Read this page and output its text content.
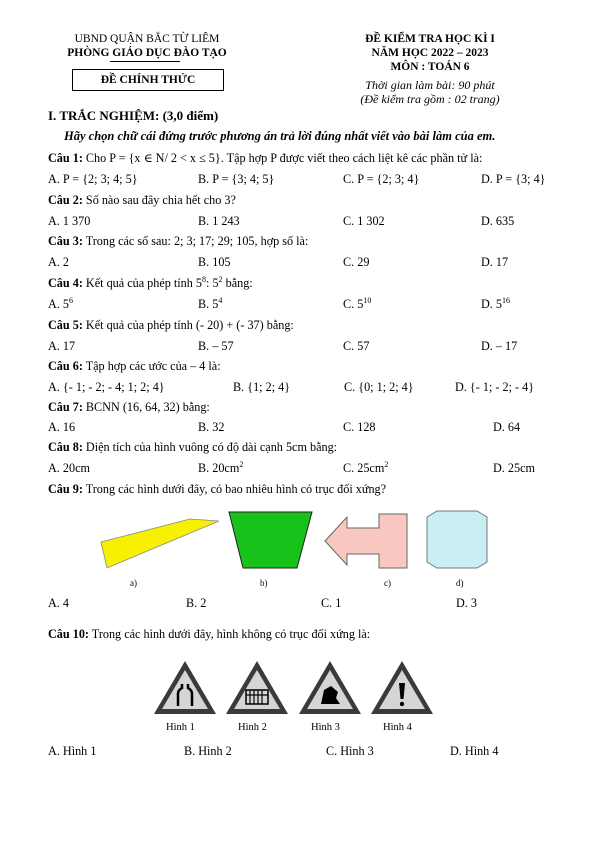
UBND QUẬN BẮC TỪ LIÊM
PHÒNG GIÁO DỤC ĐÀO TẠO
ĐỀ CHÍNH THỨC
ĐỀ KIỂM TRA HỌC KÌ I
NĂM HỌC 2022 – 2023
MÔN : TOÁN 6
Thời gian làm bài: 90 phút
(Đề kiểm tra gồm : 02 trang)
I. TRẮC NGHIỆM: (3,0 điểm)
Hãy chọn chữ cái đứng trước phương án trả lời đúng nhất viết vào bài làm của em.
Câu 1: Cho P = {x ∈ N/ 2 < x ≤ 5}. Tập hợp P được viết theo cách liệt kê các phần tử là:
A. P = {2; 3; 4; 5}	B. P = {3; 4; 5}	C. P = {2; 3; 4}	D. P = {3; 4}
Câu 2: Số nào sau đây chia hết cho 3?
A. 1 370	B. 1 243	C. 1 302	D. 635
Câu 3: Trong các số sau: 2; 3; 17; 29; 105, hợp số là:
A. 2	B. 105	C. 29	D. 17
Câu 4: Kết quả của phép tính $5^8$: $5^2$ bằng:
A. $5^6$	B. $5^4$	C. $5^{10}$	D. $5^{16}$
Câu 5: Kết quả của phép tính (- 20) + (- 37) bằng:
A. 17	B. – 57	C. 57	D. – 17
Câu 6: Tập hợp các ước của – 4 là:
A. {- 1; - 2; - 4; 1; 2; 4}	B. {1; 2; 4}	C. {0; 1; 2; 4}	D. {- 1; - 2; - 4}
Câu 7: BCNN (16, 64, 32) bằng:
A. 16	B. 32	C. 128	D. 64
Câu 8: Diện tích của hình vuông có độ dài cạnh 5cm bằng:
A. 20cm	B. $20cm^2$	C. $25cm^2$	D. 25cm
Câu 9: Trong các hình dưới đây, có bao nhiêu hình có trục đối xứng?
a)	b)	c)	d)
A. 4	B. 2	C. 1	D. 3
Câu 10: Trong các hình dưới đây, hình không có trục đối xứng là:
Hình 1	Hình 2	Hình 3	Hình 4
A. Hình 1	B. Hình 2	C. Hình 3	D. Hình 4
